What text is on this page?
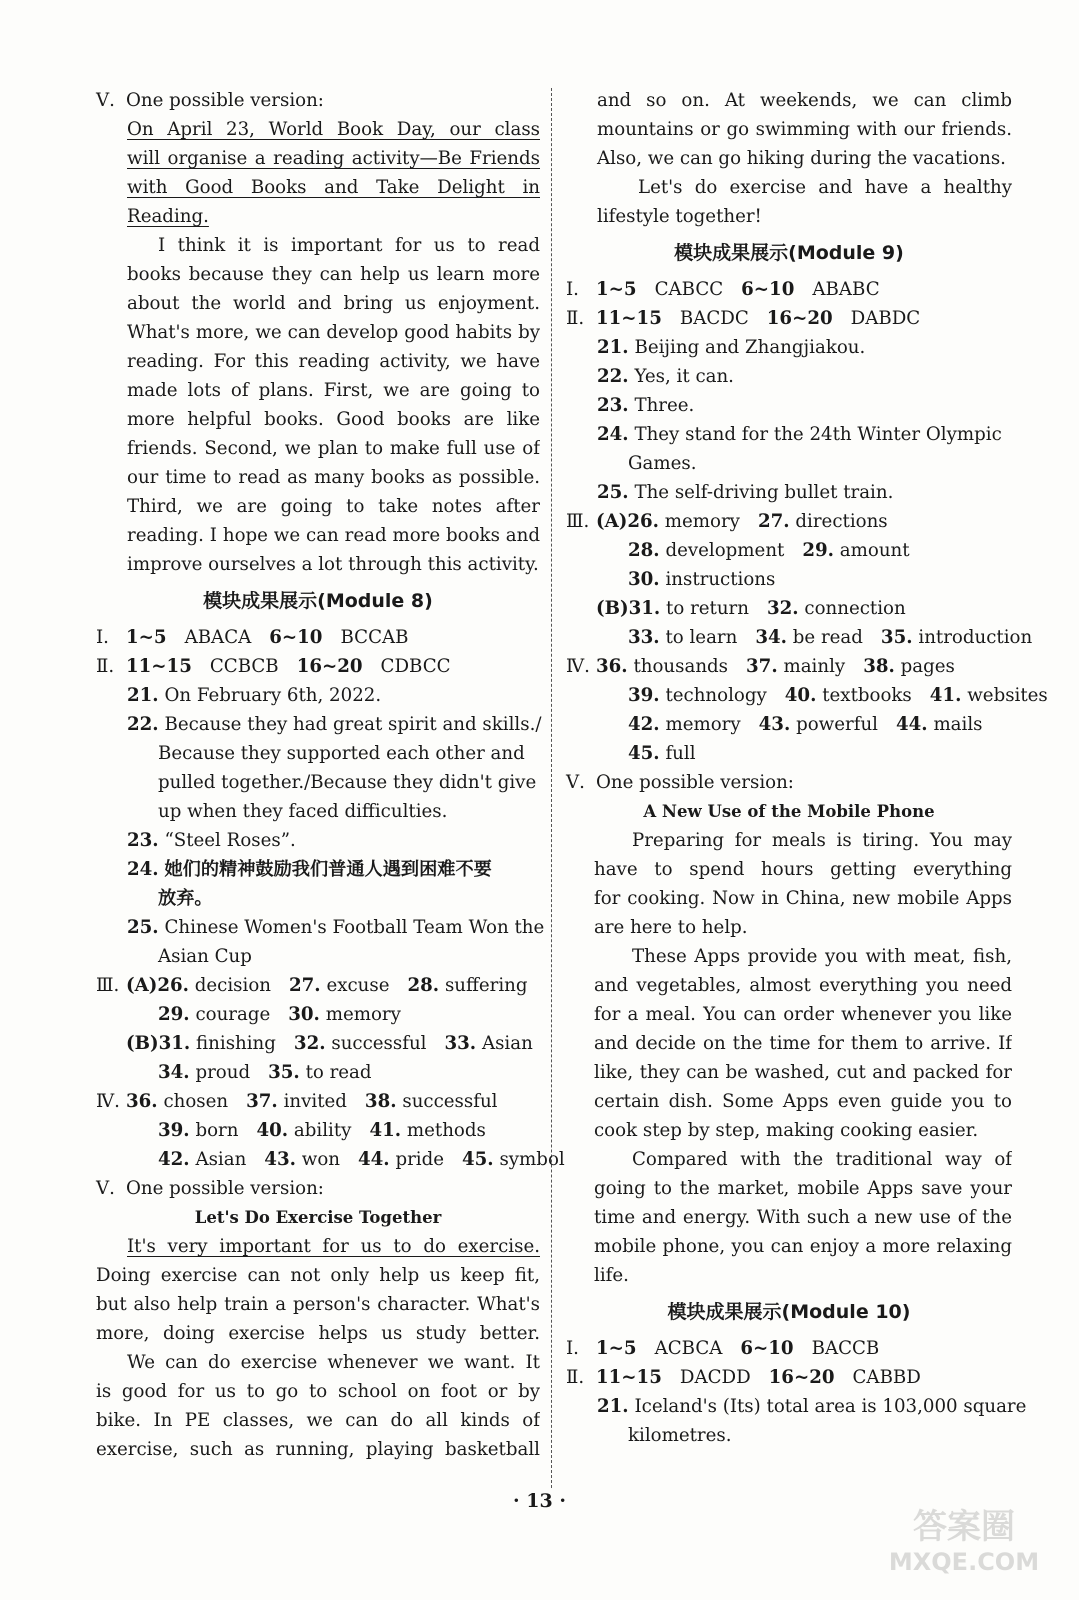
Ⅴ. One possible version:
On April 23, World Book Day, our class
will organise a reading activity—Be Friends
with Good Books and Take Delight in
Reading.
I think it is important for us to read
books because they can help us learn more
about the world and bring us enjoyment.
What's more, we can develop good habits by
reading. For this reading activity, we have
made lots of plans. First, we are going to
more helpful books. Good books are like
friends. Second, we plan to make full use of
our time to read as many books as possible.
Third, we are going to take notes after
reading. I hope we can read more books and
improve ourselves a lot through this activity.
模块成果展示(Module 8)
Ⅰ. 1~5 ABACA 6~10 BCCAB
Ⅱ. 11~15 CCBCB 16~20 CDBCC
21. On February 6th, 2022.
22. Because they had great spirit and skills./
Because they supported each other and
pulled together./Because they didn't give
up when they faced difficulties.
23. “Steel Roses”.
24. 她们的精神鼓励我们普通人遇到困难不要
放弃。
25. Chinese Women's Football Team Won the
Asian Cup
Ⅲ. (A)26. decision 27. excuse 28. suffering
29. courage 30. memory
(B)31. finishing 32. successful 33. Asian
34. proud 35. to read
Ⅳ. 36. chosen 37. invited 38. successful
39. born 40. ability 41. methods
42. Asian 43. won 44. pride 45. symbol
Ⅴ. One possible version:
Let's Do Exercise Together
It's very important for us to do exercise.
Doing exercise can not only help us keep fit,
but also help train a person's character. What's
more, doing exercise helps us study better.
We can do exercise whenever we want. It
is good for us to go to school on foot or by
bike. In PE classes, we can do all kinds of
exercise, such as running, playing basketball
and so on. At weekends, we can climb
mountains or go swimming with our friends.
Also, we can go hiking during the vacations.
Let's do exercise and have a healthy
lifestyle together!
模块成果展示(Module 9)
Ⅰ. 1~5 CABCC 6~10 ABABC
Ⅱ. 11~15 BACDC 16~20 DABDC
21. Beijing and Zhangjiakou.
22. Yes, it can.
23. Three.
24. They stand for the 24th Winter Olympic
Games.
25. The self-driving bullet train.
Ⅲ. (A)26. memory 27. directions
28. development 29. amount
30. instructions
(B)31. to return 32. connection
33. to learn 34. be read 35. introduction
Ⅳ. 36. thousands 37. mainly 38. pages
39. technology 40. textbooks 41. websites
42. memory 43. powerful 44. mails
45. full
Ⅴ. One possible version:
A New Use of the Mobile Phone
Preparing for meals is tiring. You may
have to spend hours getting everything
for cooking. Now in China, new mobile Apps
are here to help.
These Apps provide you with meat, fish,
and vegetables, almost everything you need
for a meal. You can order whenever you like
and decide on the time for them to arrive. If
like, they can be washed, cut and packed for
certain dish. Some Apps even guide you to
cook step by step, making cooking easier.
Compared with the traditional way of
going to the market, mobile Apps save your
time and energy. With such a new use of the
mobile phone, you can enjoy a more relaxing
life.
模块成果展示(Module 10)
Ⅰ. 1~5 ACBCA 6~10 BACCB
Ⅱ. 11~15 DACDD 16~20 CABBD
21. Iceland's (Its) total area is 103,000 square
kilometres.
· 13 ·
答案圈
MXQE.COM
